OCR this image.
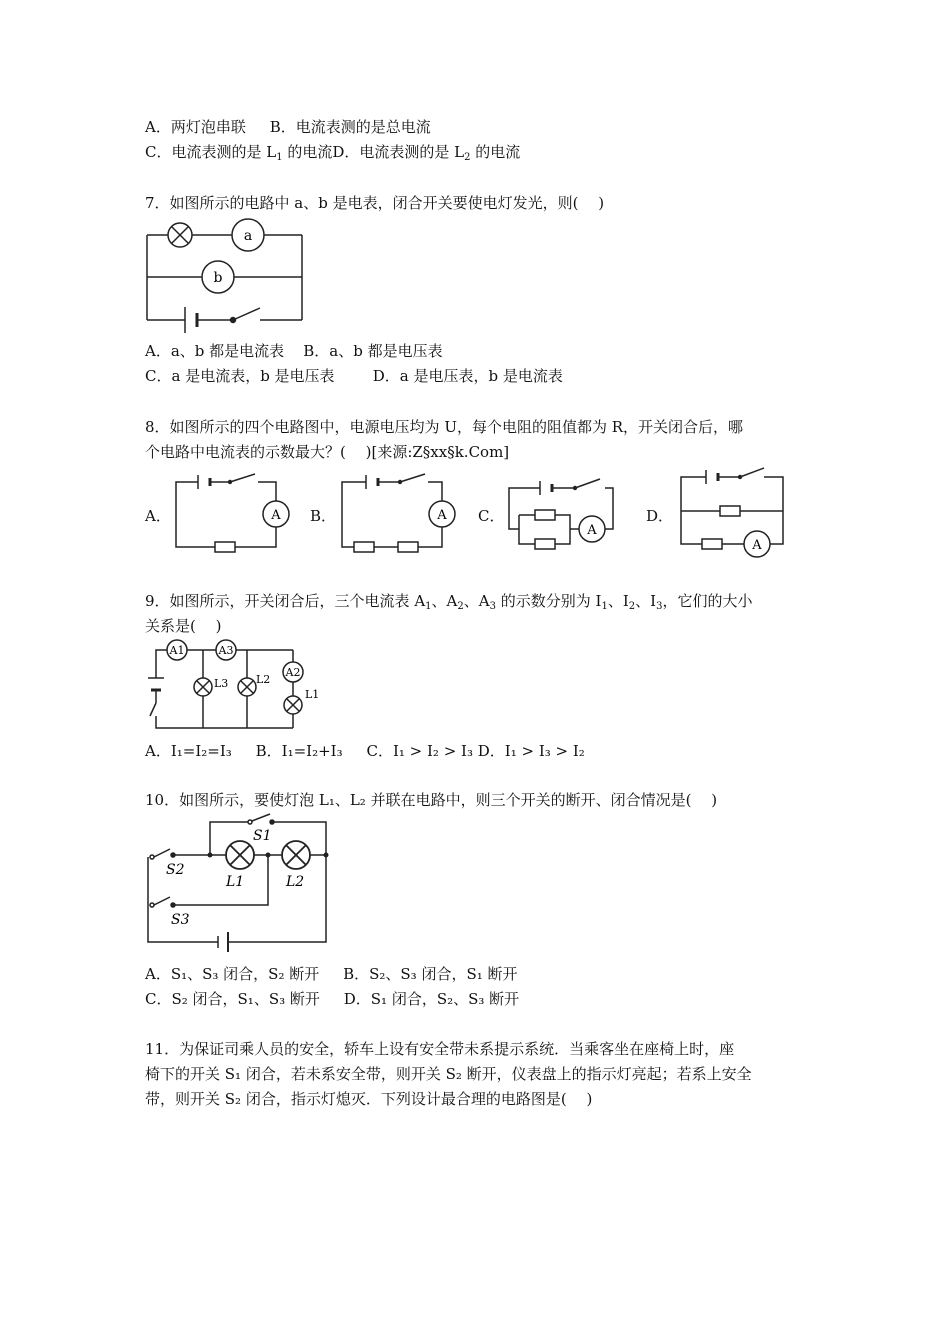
A．两灯泡串联 B．电流表测的是总电流
C．电流表测的是 $L_1$ 的电流D．电流表测的是 $L_2$ 的电流
7．如图所示的电路中 a、b 是电表，闭合开关要使电灯发光，则(　 )
a
b
A．a、b 都是电流表 B．a、b 都是电压表
C．a 是电流表，b 是电压表	D．a 是电压表，b 是电流表
8．如图所示的四个电路图中，电源电压均为 U，每个电阻的阻值都为 R，开关闭合后，哪
个电路中电流表的示数最大？(　 )[来源:Z§xx§k.Com]
A．	A B．	A C．
A
D．
A
9．如图所示，开关闭合后，三个电流表 $A_1$、$A_2$、$A_3$ 的示数分别为 $I_1$、$I_2$、$I_3$，它们的大小
关系是(　 )
A1	A3
A2
L3	L2
L1
A．I₁=I₂=I₃ B．I₁=I₂+I₃ C．I₁ > I₂ > I₃ D．I₁ > I₃ > I₂
10．如图所示，要使灯泡 L₁、L₂ 并联在电路中，则三个开关的断开、闭合情况是(　 )
S1
S2
S3
L1	L2
A．S₁、S₃ 闭合，S₂ 断开 B．S₂、S₃ 闭合，S₁ 断开
C．S₂ 闭合，S₁、S₃ 断开 D．S₁ 闭合，S₂、S₃ 断开
11．为保证司乘人员的安全，轿车上设有安全带未系提示系统．当乘客坐在座椅上时，座
椅下的开关 S₁ 闭合，若未系安全带，则开关 S₂ 断开，仪表盘上的指示灯亮起；若系上安全
带，则开关 S₂ 闭合，指示灯熄灭．下列设计最合理的电路图是(　 )
